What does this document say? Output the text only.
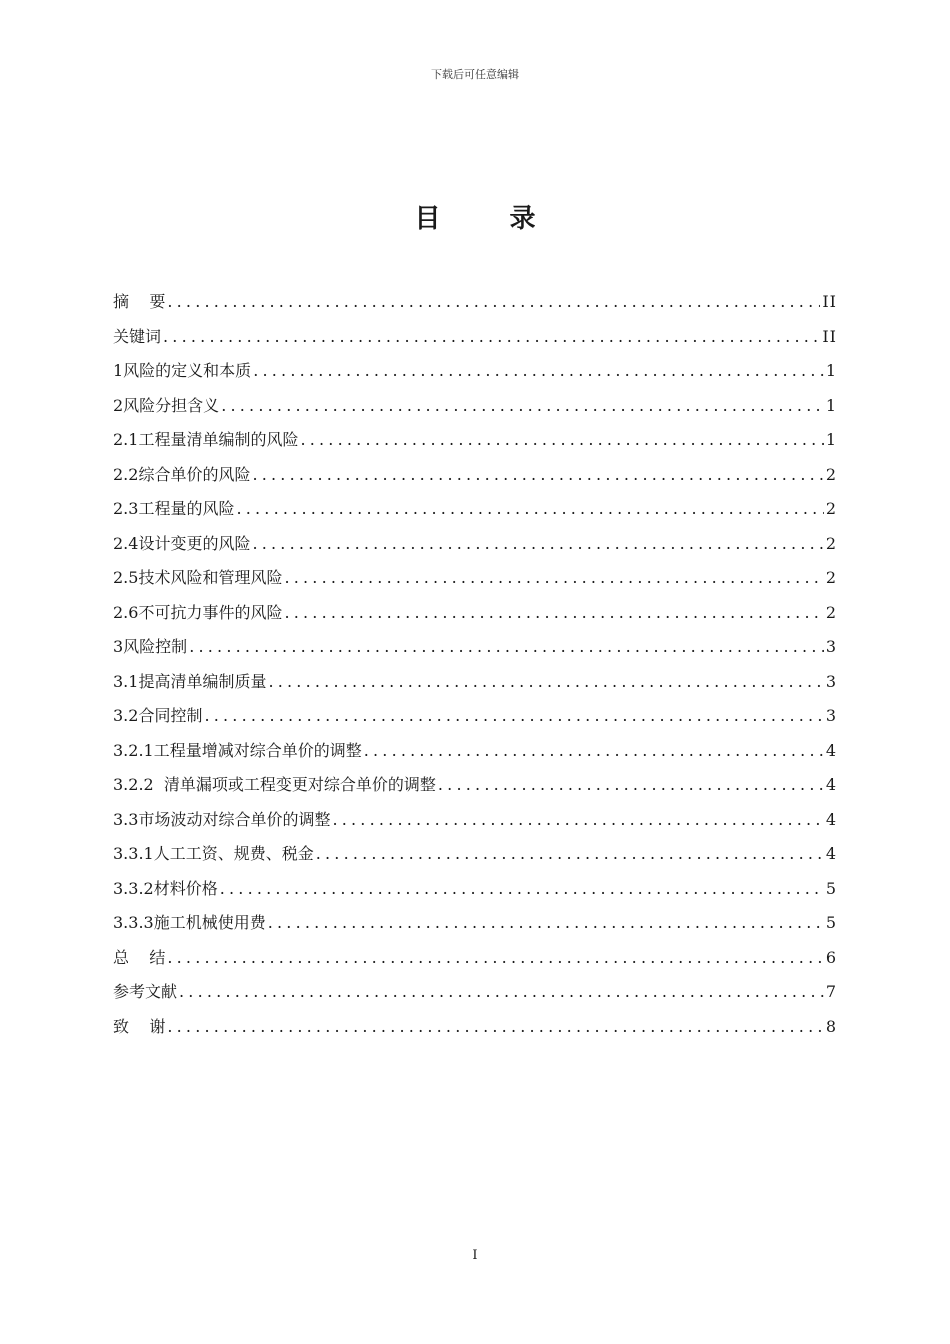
下载后可任意编辑
目 录
摘    要 .....	II
关键词 .....	II
1风险的定义和本质 .....	1
2风险分担含义 .....	1
2.1工程量清单编制的风险 .....	1
2.2综合单价的风险 .....	2
2.3工程量的风险 .....	2
2.4设计变更的风险 .....	2
2.5技术风险和管理风险 .....	2
2.6不可抗力事件的风险 .....	2
3风险控制 .....	3
3.1提高清单编制质量 .....	3
3.2合同控制 .....	3
3.2.1工程量增减对综合单价的调整 .....	4
3.2.2  清单漏项或工程变更对综合单价的调整 .....	4
3.3市场波动对综合单价的调整 .....	4
3.3.1人工工资、规费、税金 .....	4
3.3.2材料价格 .....	5
3.3.3施工机械使用费 .....	5
总    结 .....	6
参考文献 .....	7
致    谢 .....	8
I
